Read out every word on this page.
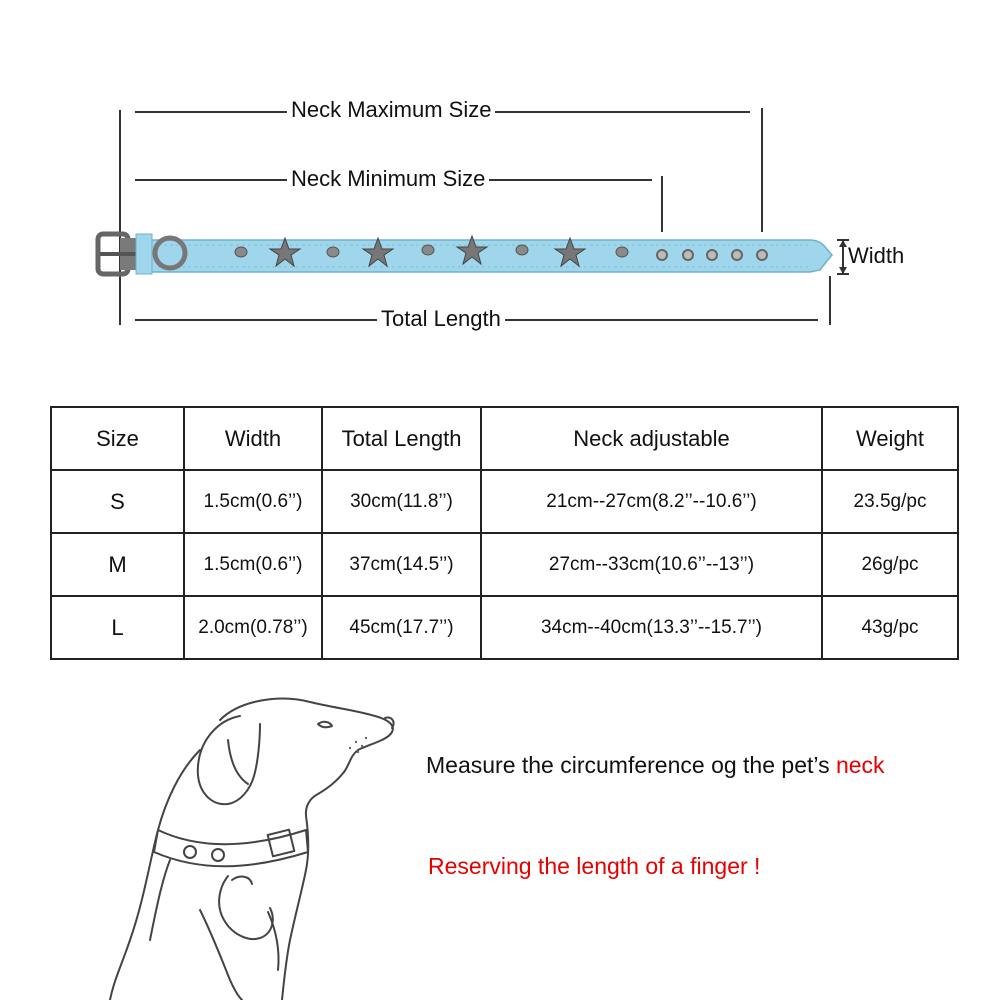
Neck Maximum Size
Neck Minimum Size
Total Length
Width
Size	Width	Total Length	Neck adjustable	Weight
S	1.5cm(0.6’’)	30cm(11.8’’)	21cm--27cm(8.2’’--10.6’’)	23.5g/pc
M	1.5cm(0.6’’)	37cm(14.5’’)	27cm--33cm(10.6’’--13’’)	26g/pc
L	2.0cm(0.78’’)	45cm(17.7’’)	34cm--40cm(13.3’’--15.7’’)	43g/pc
Measure the circumference og the pet’s neck
Reserving the length of a finger !
